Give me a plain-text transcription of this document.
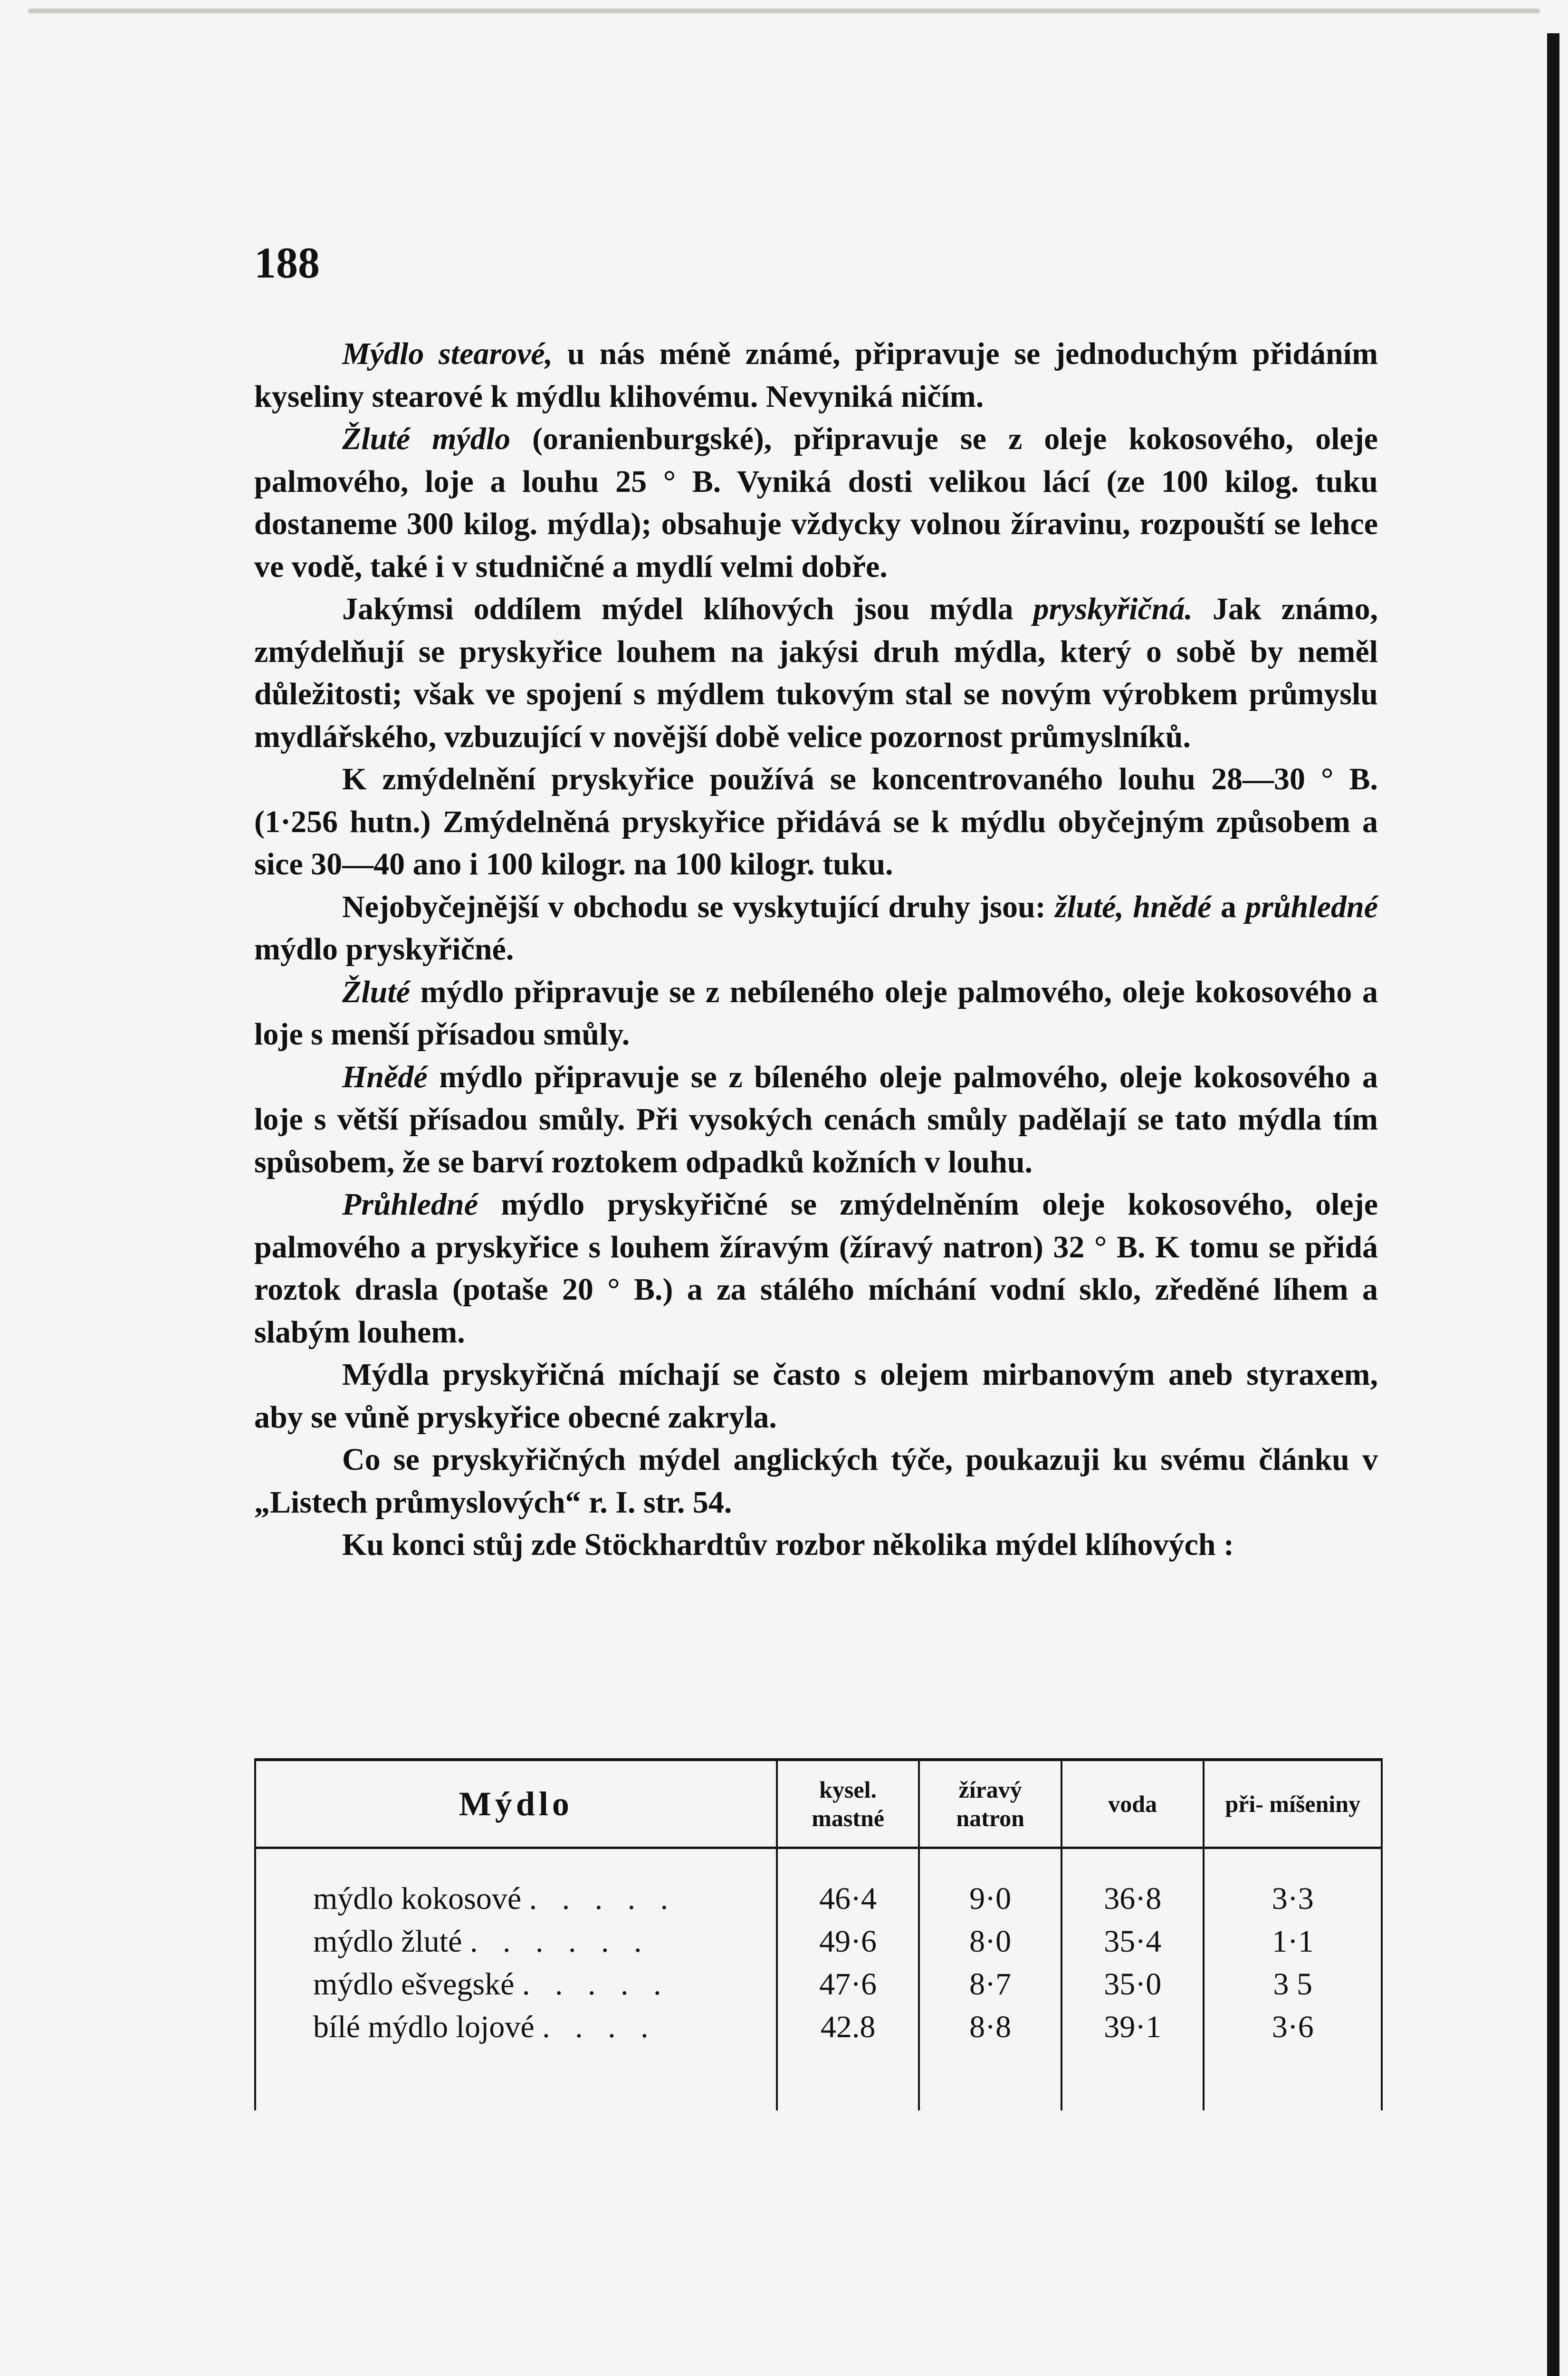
188

Mýdlo stearové, u nás méně známé, připravuje se jednoduchým přidáním kyseliny stearové k mýdlu klihovému. Nevyniká ničím.

Žluté mýdlo (oranienburgské), připravuje se z oleje kokosového, oleje palmového, loje a louhu 25 ° B. Vyniká dosti velikou lácí (ze 100 kilog. tuku dostaneme 300 kilog. mýdla); obsahuje vždycky volnou žíravinu, rozpouští se lehce ve vodě, také i v studničné a mydlí velmi dobře.

Jakýmsi oddílem mýdel klíhových jsou mýdla pryskyřičná. Jak známo, zmýdelňují se pryskyřice louhem na jakýsi druh mýdla, který o sobě by neměl důležitosti; však ve spojení s mýdlem tukovým stal se novým výrobkem průmyslu mydlářského, vzbuzující v novější době velice pozornost průmyslníků.

K zmýdelnění pryskyřice používá se koncentrovaného louhu 28—30 ° B. (1·256 hutn.) Zmýdelněná pryskyřice přidává se k mýdlu obyčejným způsobem a sice 30—40 ano i 100 kilogr. na 100 kilogr. tuku.

Nejobyčejnější v obchodu se vyskytující druhy jsou: žluté, hnědé a průhledné mýdlo pryskyřičné.

Žluté mýdlo připravuje se z nebíleného oleje palmového, oleje kokosového a loje s menší přísadou smůly.

Hnědé mýdlo připravuje se z bíleného oleje palmového, oleje kokosového a loje s větší přísadou smůly. Při vysokých cenách smůly padělají se tato mýdla tím spůsobem, že se barví roztokem odpadků kožních v louhu.

Průhledné mýdlo pryskyřičné se zmýdelněním oleje kokosového, oleje palmového a pryskyřice s louhem žíravým (žíravý natron) 32 ° B. K tomu se přidá roztok drasla (potaše 20 ° B.) a za stálého míchání vodní sklo, zředěné líhem a slabým louhem.

Mýdla pryskyřičná míchají se často s olejem mirbanovým aneb styraxem, aby se vůně pryskyřice obecné zakryla.

Co se pryskyřičných mýdel anglických týče, poukazuji ku svému článku v „Listech průmyslových“ r. I. str. 54.

Ku konci stůj zde Stöckhardtův rozbor několika mýdel klíhových :

Mýdlo	kysel. mastné	žíravý natron	voda	při- míšeniny
mýdlo kokosové . . . . .	46·4	9·0	36·8	3·3
mýdlo žluté . . . . . .	49·6	8·0	35·4	1·1
mýdlo ešvegské . . . . .	47·6	8·7	35·0	3 5
bílé mýdlo lojové . . . .	42.8	8·8	39·1	3·6
